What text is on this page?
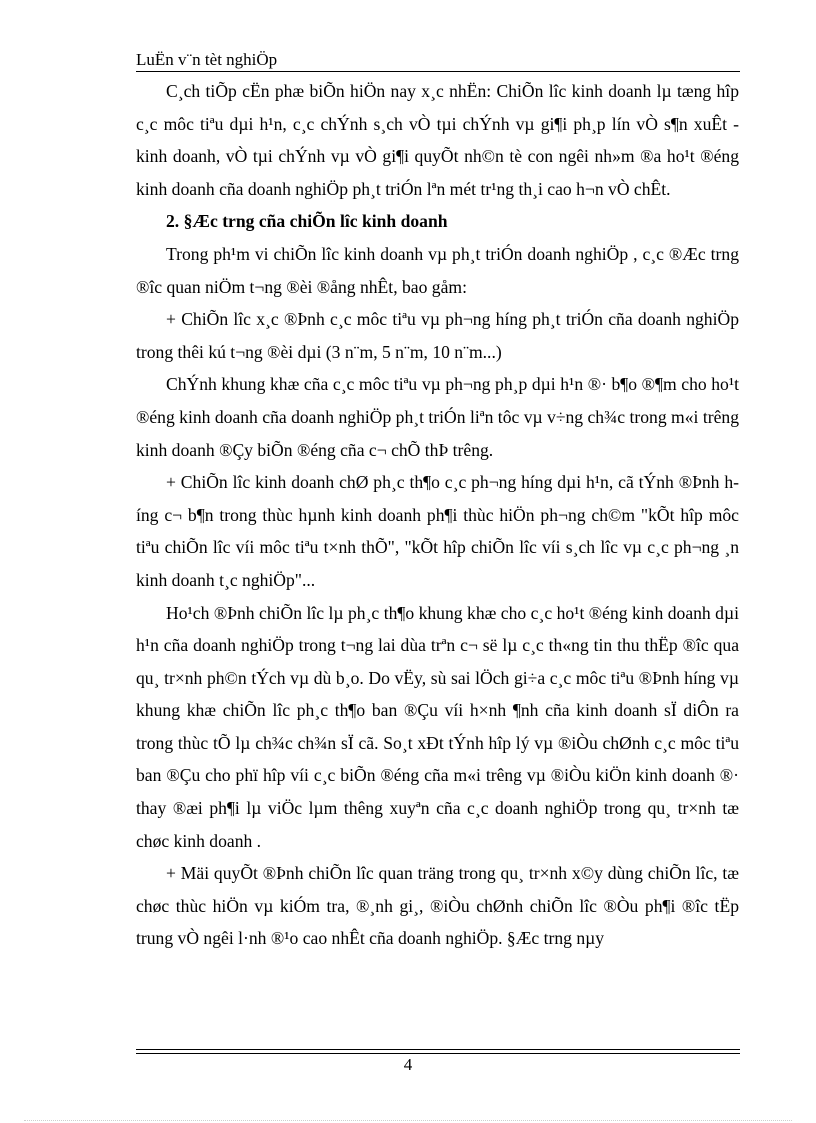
LuËn v¨n tèt nghiÖp

C¸ch tiÕp cËn phæ biÕn hiÖn nay x¸c nhËn: ChiÕn lîc kinh doanh lµ tæng hîp c¸c môc tiªu dµi h¹n, c¸c chÝnh s¸ch vÒ tµi chÝnh vµ gi¶i ph¸p lín vÒ s¶n xuÊt - kinh doanh, vÒ tµi chÝnh vµ vÒ gi¶i quyÕt nh©n tè con ngêi nh»m ®a ho¹t ®éng kinh doanh cña doanh nghiÖp ph¸t triÓn lªn mét tr¹ng th¸i cao h¬n vÒ chÊt.

2. §Æc trng cña chiÕn lîc kinh doanh

Trong ph¹m vi chiÕn lîc kinh doanh vµ ph¸t triÓn doanh nghiÖp , c¸c ®Æc trng ®îc quan niÖm t¬ng ®èi ®ång nhÊt, bao gåm:

+ ChiÕn lîc x¸c ®Þnh c¸c môc tiªu vµ ph¬ng híng ph¸t triÓn cña doanh nghiÖp trong thêi kú t¬ng ®èi dµi (3 n¨m, 5 n¨m, 10 n¨m...)

ChÝnh khung khæ cña c¸c môc tiªu vµ ph¬ng ph¸p dµi h¹n ®· b¶o ®¶m cho ho¹t ®éng kinh doanh cña doanh nghiÖp ph¸t triÓn liªn tôc vµ v÷ng ch¾c trong m«i trêng kinh doanh ®Çy biÕn ®éng cña c¬ chÕ thÞ trêng.

+ ChiÕn lîc kinh doanh chØ ph¸c th¶o c¸c ph¬ng híng dµi h¹n, cã tÝnh ®Þnh híng c¬ b¶n trong thùc hµnh kinh doanh ph¶i thùc hiÖn ph¬ng ch©m "kÕt hîp môc tiªu chiÕn lîc víi môc tiªu t×nh thÕ", "kÕt hîp chiÕn lîc víi s¸ch lîc vµ c¸c ph¬ng ¸n kinh doanh t¸c nghiÖp"...

Ho¹ch ®Þnh chiÕn lîc lµ ph¸c th¶o khung khæ cho c¸c ho¹t ®éng kinh doanh dµi h¹n cña doanh nghiÖp trong t¬ng lai dùa trªn c¬ së lµ c¸c th«ng tin thu thËp ®îc qua qu¸ tr×nh ph©n tÝch vµ dù b¸o. Do vËy, sù sai lÖch gi÷a c¸c môc tiªu ®Þnh híng vµ khung khæ chiÕn lîc ph¸c th¶o ban ®Çu víi h×nh ¶nh cña kinh doanh sÏ diÔn ra trong thùc tÕ lµ ch¾c ch¾n sÏ cã. So¸t xÐt tÝnh hîp lý vµ ®iÒu chØnh c¸c môc tiªu ban ®Çu cho phï hîp víi c¸c biÕn ®éng cña m«i trêng vµ ®iÒu kiÖn kinh doanh ®· thay ®æi ph¶i lµ viÖc lµm thêng xuyªn cña c¸c doanh nghiÖp trong qu¸ tr×nh tæ chøc kinh doanh .

+ Mäi quyÕt ®Þnh chiÕn lîc quan träng trong qu¸ tr×nh x©y dùng chiÕn lîc, tæ chøc thùc hiÖn vµ kiÓm tra, ®¸nh gi¸, ®iÒu chØnh chiÕn lîc ®Òu ph¶i ®îc tËp trung vÒ ngêi l·nh ®¹o cao nhÊt cña doanh nghiÖp. §Æc trng nµy

4
